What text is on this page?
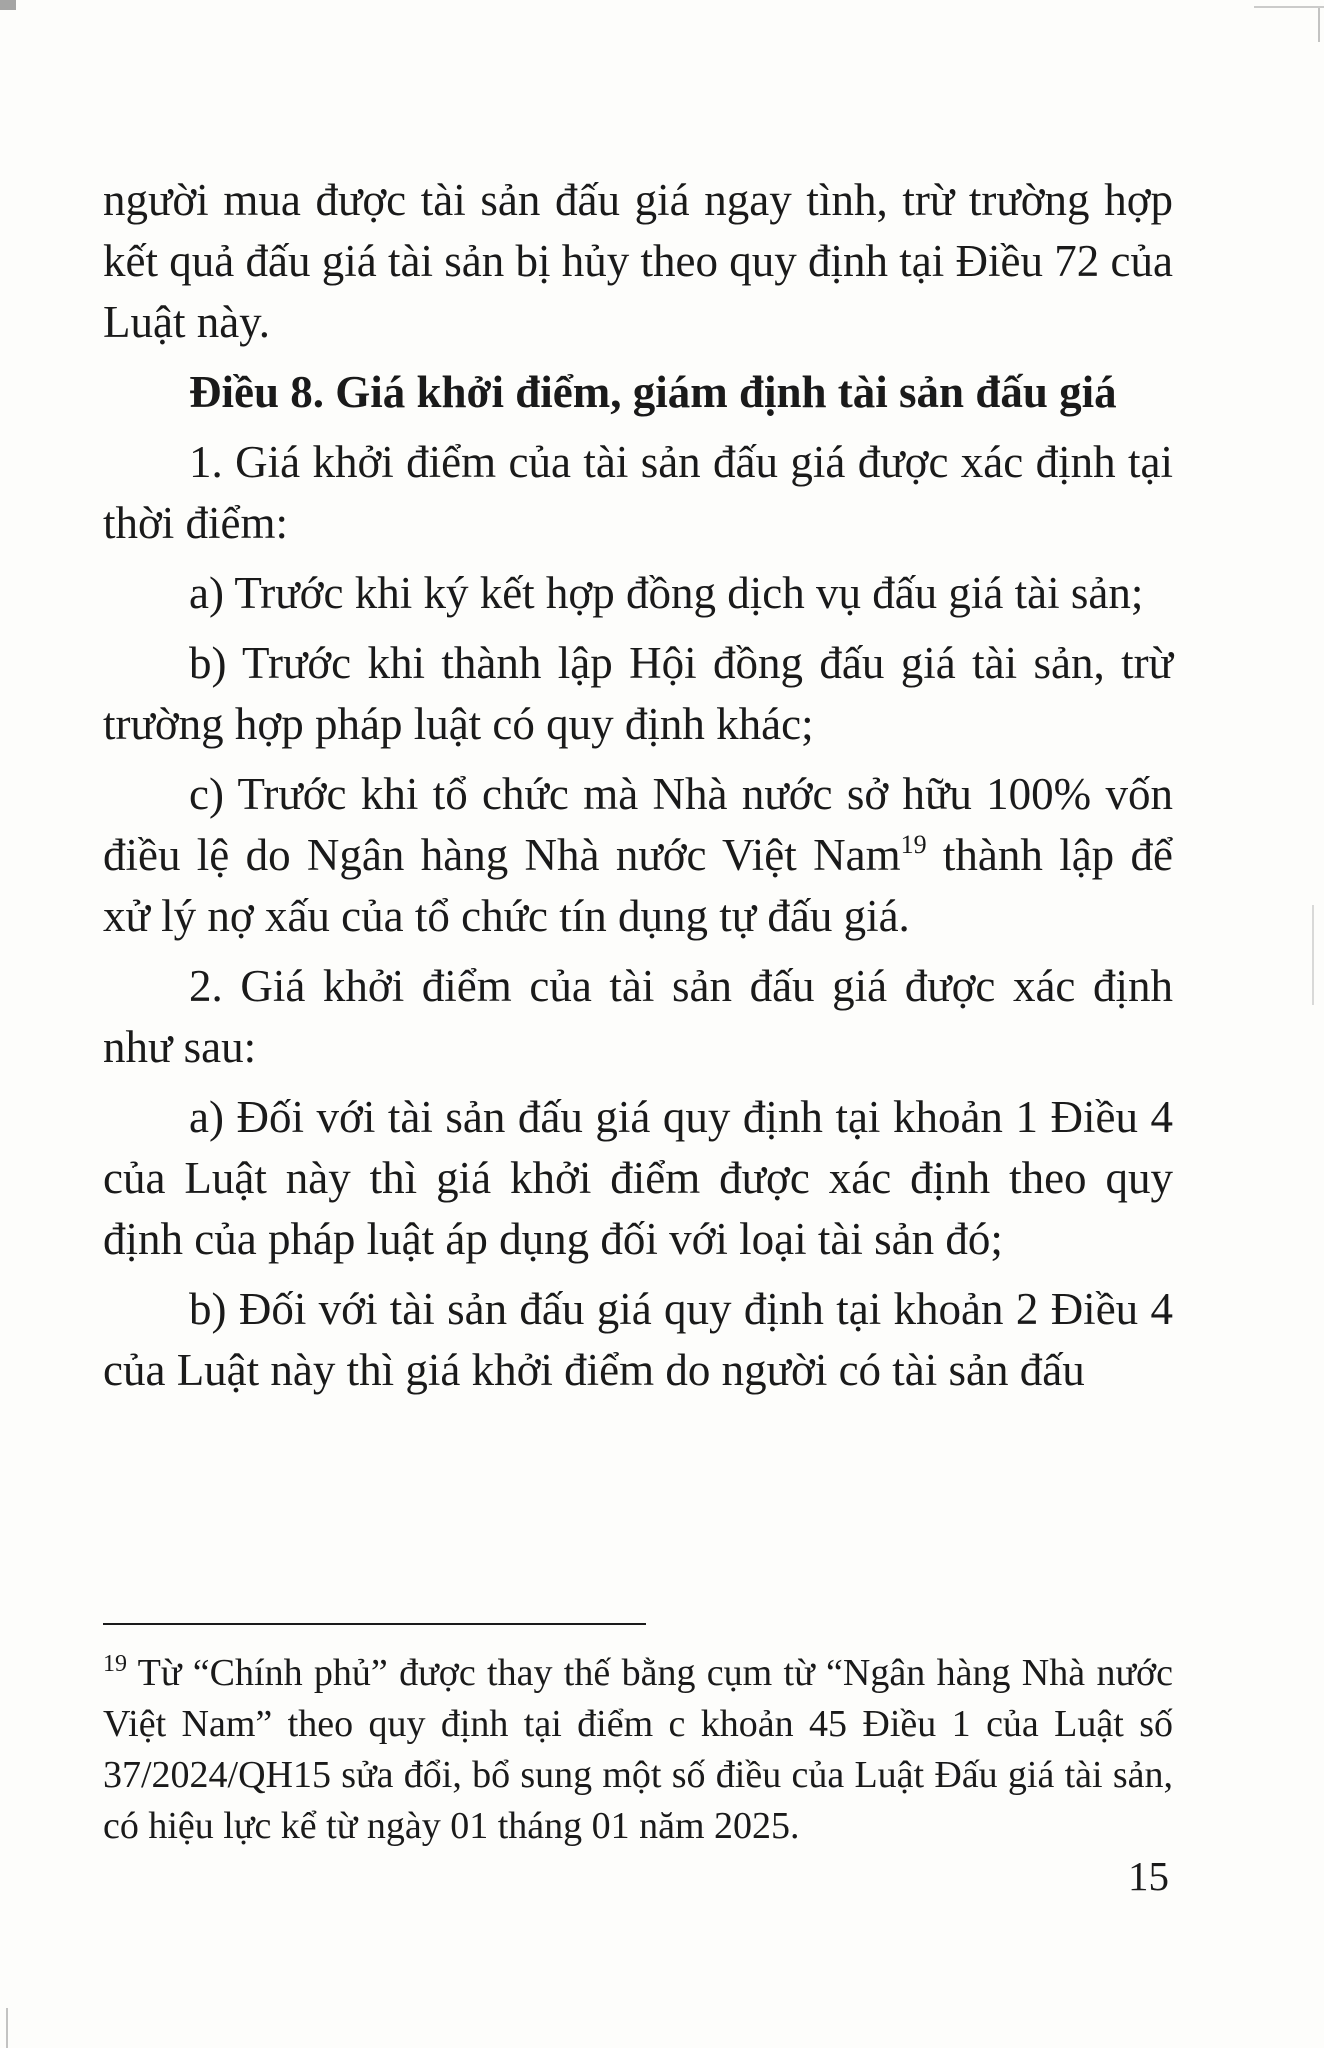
người mua được tài sản đấu giá ngay tình, trừ trường hợp kết quả đấu giá tài sản bị hủy theo quy định tại Điều 72 của Luật này.

Điều 8. Giá khởi điểm, giám định tài sản đấu giá

1. Giá khởi điểm của tài sản đấu giá được xác định tại thời điểm:

a) Trước khi ký kết hợp đồng dịch vụ đấu giá tài sản;

b) Trước khi thành lập Hội đồng đấu giá tài sản, trừ trường hợp pháp luật có quy định khác;

c) Trước khi tổ chức mà Nhà nước sở hữu 100% vốn điều lệ do Ngân hàng Nhà nước Việt Nam$^{19}$ thành lập để xử lý nợ xấu của tổ chức tín dụng tự đấu giá.

2. Giá khởi điểm của tài sản đấu giá được xác định như sau:

a) Đối với tài sản đấu giá quy định tại khoản 1 Điều 4 của Luật này thì giá khởi điểm được xác định theo quy định của pháp luật áp dụng đối với loại tài sản đó;

b) Đối với tài sản đấu giá quy định tại khoản 2 Điều 4 của Luật này thì giá khởi điểm do người có tài sản đấu

$^{19}$ Từ “Chính phủ” được thay thế bằng cụm từ “Ngân hàng Nhà nước Việt Nam” theo quy định tại điểm c khoản 45 Điều 1 của Luật số 37/2024/QH15 sửa đổi, bổ sung một số điều của Luật Đấu giá tài sản, có hiệu lực kể từ ngày 01 tháng 01 năm 2025.

15
